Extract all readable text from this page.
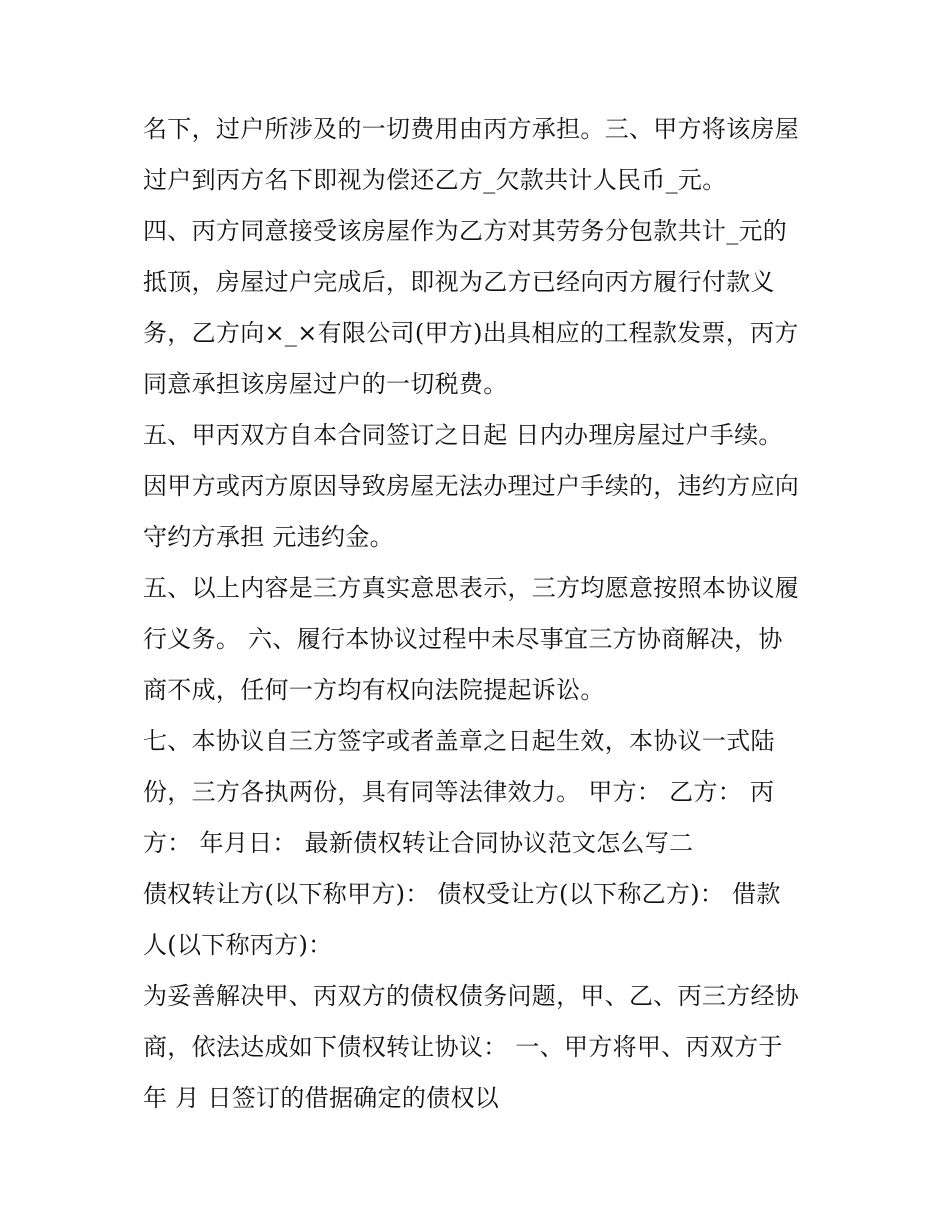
名下，过户所涉及的一切费用由丙方承担。三、甲方将该房屋
过户到丙方名下即视为偿还乙方_欠款共计人民币_元。
四、丙方同意接受该房屋作为乙方对其劳务分包款共计_元的
抵顶，房屋过户完成后，即视为乙方已经向丙方履行付款义
务，乙方向×_×有限公司(甲方)出具相应的工程款发票，丙方
同意承担该房屋过户的一切税费。
五、甲丙双方自本合同签订之日起 日内办理房屋过户手续。
因甲方或丙方原因导致房屋无法办理过户手续的，违约方应向
守约方承担 元违约金。
五、以上内容是三方真实意思表示，三方均愿意按照本协议履
行义务。 六、履行本协议过程中未尽事宜三方协商解决，协
商不成，任何一方均有权向法院提起诉讼。
七、本协议自三方签字或者盖章之日起生效，本协议一式陆
份，三方各执两份，具有同等法律效力。 甲方： 乙方： 丙
方： 年月日： 最新债权转让合同协议范文怎么写二
债权转让方(以下称甲方)： 债权受让方(以下称乙方)： 借款
人(以下称丙方)：
为妥善解决甲、丙双方的债权债务问题，甲、乙、丙三方经协
商，依法达成如下债权转让协议： 一、甲方将甲、丙双方于
年 月 日签订的借据确定的债权以
